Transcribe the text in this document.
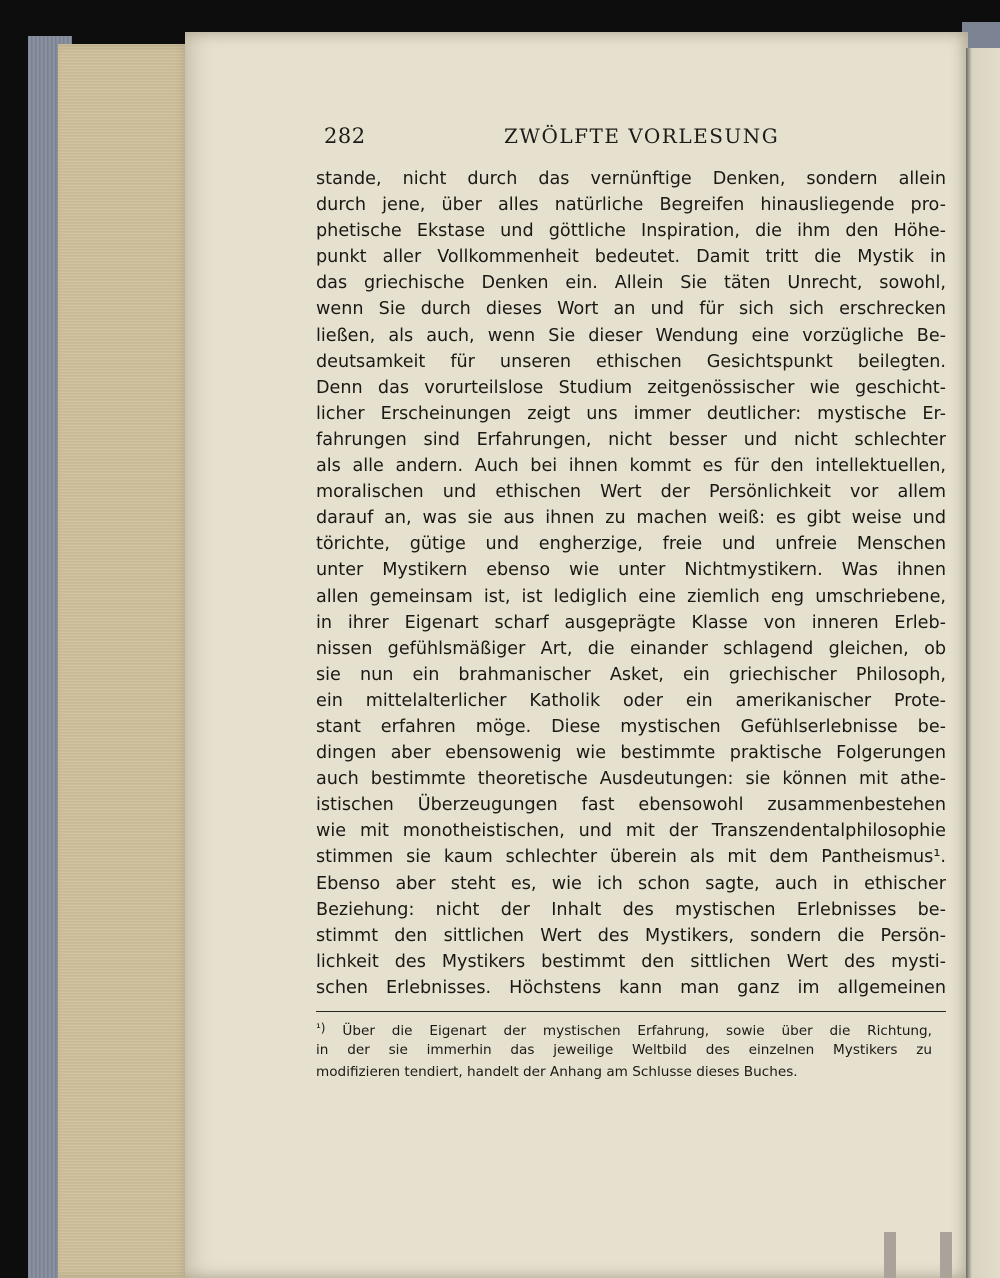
282	ZWÖLFTE VORLESUNG
stande, nicht durch das vernünftige Denken, sondern allein
durch jene, über alles natürliche Begreifen hinausliegende pro-
phetische Ekstase und göttliche Inspiration, die ihm den Höhe-
punkt aller Vollkommenheit bedeutet. Damit tritt die Mystik in
das griechische Denken ein. Allein Sie täten Unrecht, sowohl,
wenn Sie durch dieses Wort an und für sich sich erschrecken
ließen, als auch, wenn Sie dieser Wendung eine vorzügliche Be-
deutsamkeit für unseren ethischen Gesichtspunkt beilegten.
Denn das vorurteilslose Studium zeitgenössischer wie geschicht-
licher Erscheinungen zeigt uns immer deutlicher: mystische Er-
fahrungen sind Erfahrungen, nicht besser und nicht schlechter
als alle andern. Auch bei ihnen kommt es für den intellektuellen,
moralischen und ethischen Wert der Persönlichkeit vor allem
darauf an, was sie aus ihnen zu machen weiß: es gibt weise und
törichte, gütige und engherzige, freie und unfreie Menschen
unter Mystikern ebenso wie unter Nichtmystikern. Was ihnen
allen gemeinsam ist, ist lediglich eine ziemlich eng umschriebene,
in ihrer Eigenart scharf ausgeprägte Klasse von inneren Erleb-
nissen gefühlsmäßiger Art, die einander schlagend gleichen, ob
sie nun ein brahmanischer Asket, ein griechischer Philosoph,
ein mittelalterlicher Katholik oder ein amerikanischer Prote-
stant erfahren möge. Diese mystischen Gefühlserlebnisse be-
dingen aber ebensowenig wie bestimmte praktische Folgerungen
auch bestimmte theoretische Ausdeutungen: sie können mit athe-
istischen Überzeugungen fast ebensowohl zusammenbestehen
wie mit monotheistischen, und mit der Transzendentalphilosophie
stimmen sie kaum schlechter überein als mit dem Pantheismus¹.
Ebenso aber steht es, wie ich schon sagte, auch in ethischer
Beziehung: nicht der Inhalt des mystischen Erlebnisses be-
stimmt den sittlichen Wert des Mystikers, sondern die Persön-
lichkeit des Mystikers bestimmt den sittlichen Wert des mysti-
schen Erlebnisses. Höchstens kann man ganz im allgemeinen
¹) Über die Eigenart der mystischen Erfahrung, sowie über die Richtung,
in der sie immerhin das jeweilige Weltbild des einzelnen Mystikers zu
modifizieren tendiert, handelt der Anhang am Schlusse dieses Buches.
